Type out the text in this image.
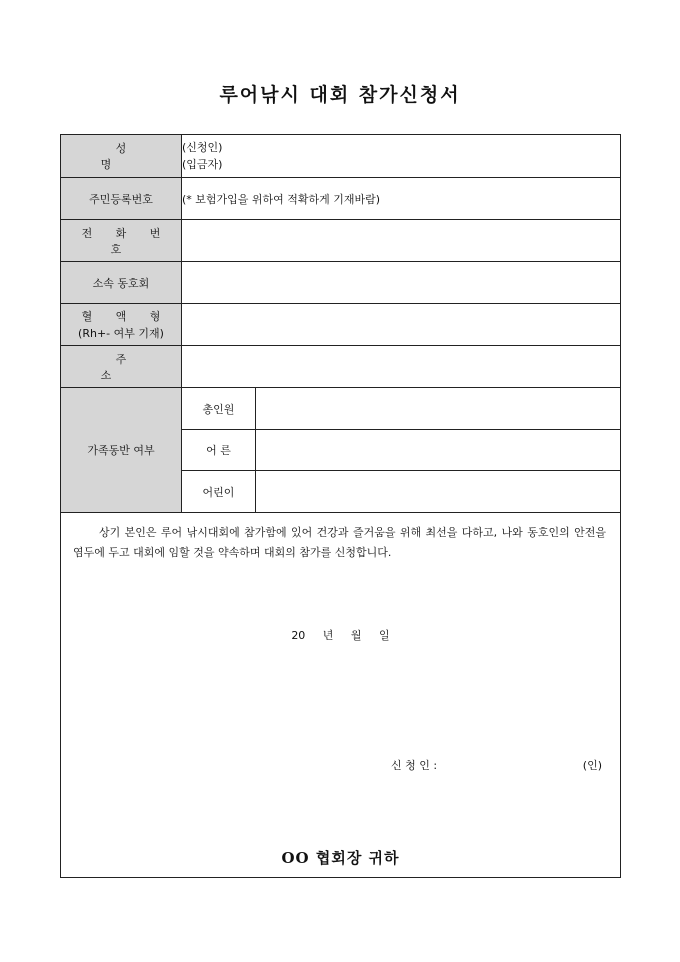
루어낚시 대회 참가신청서
성 명	(신청인)
(입금자)	

주민등록번호	(* 보험가입을 위하여 적확하게 기재바람)	
전 화 번 호		
소속 동호회		

혈 액 형
(Rh+- 여부 기재)		

주 소		
가족동반 여부	총인원	
	어 른	
	어린이	

상기 본인은 루어 낚시대회에 참가함에 있어 건강과 즐거움을 위해 최선을 다하고, 나와 동호인의 안전을 염두에 두고 대회에 임할 것을 약속하며 대회의 참가를 신청합니다.
20 년 월 일
신 청 인 : (인)
OO 협회장 귀하		
